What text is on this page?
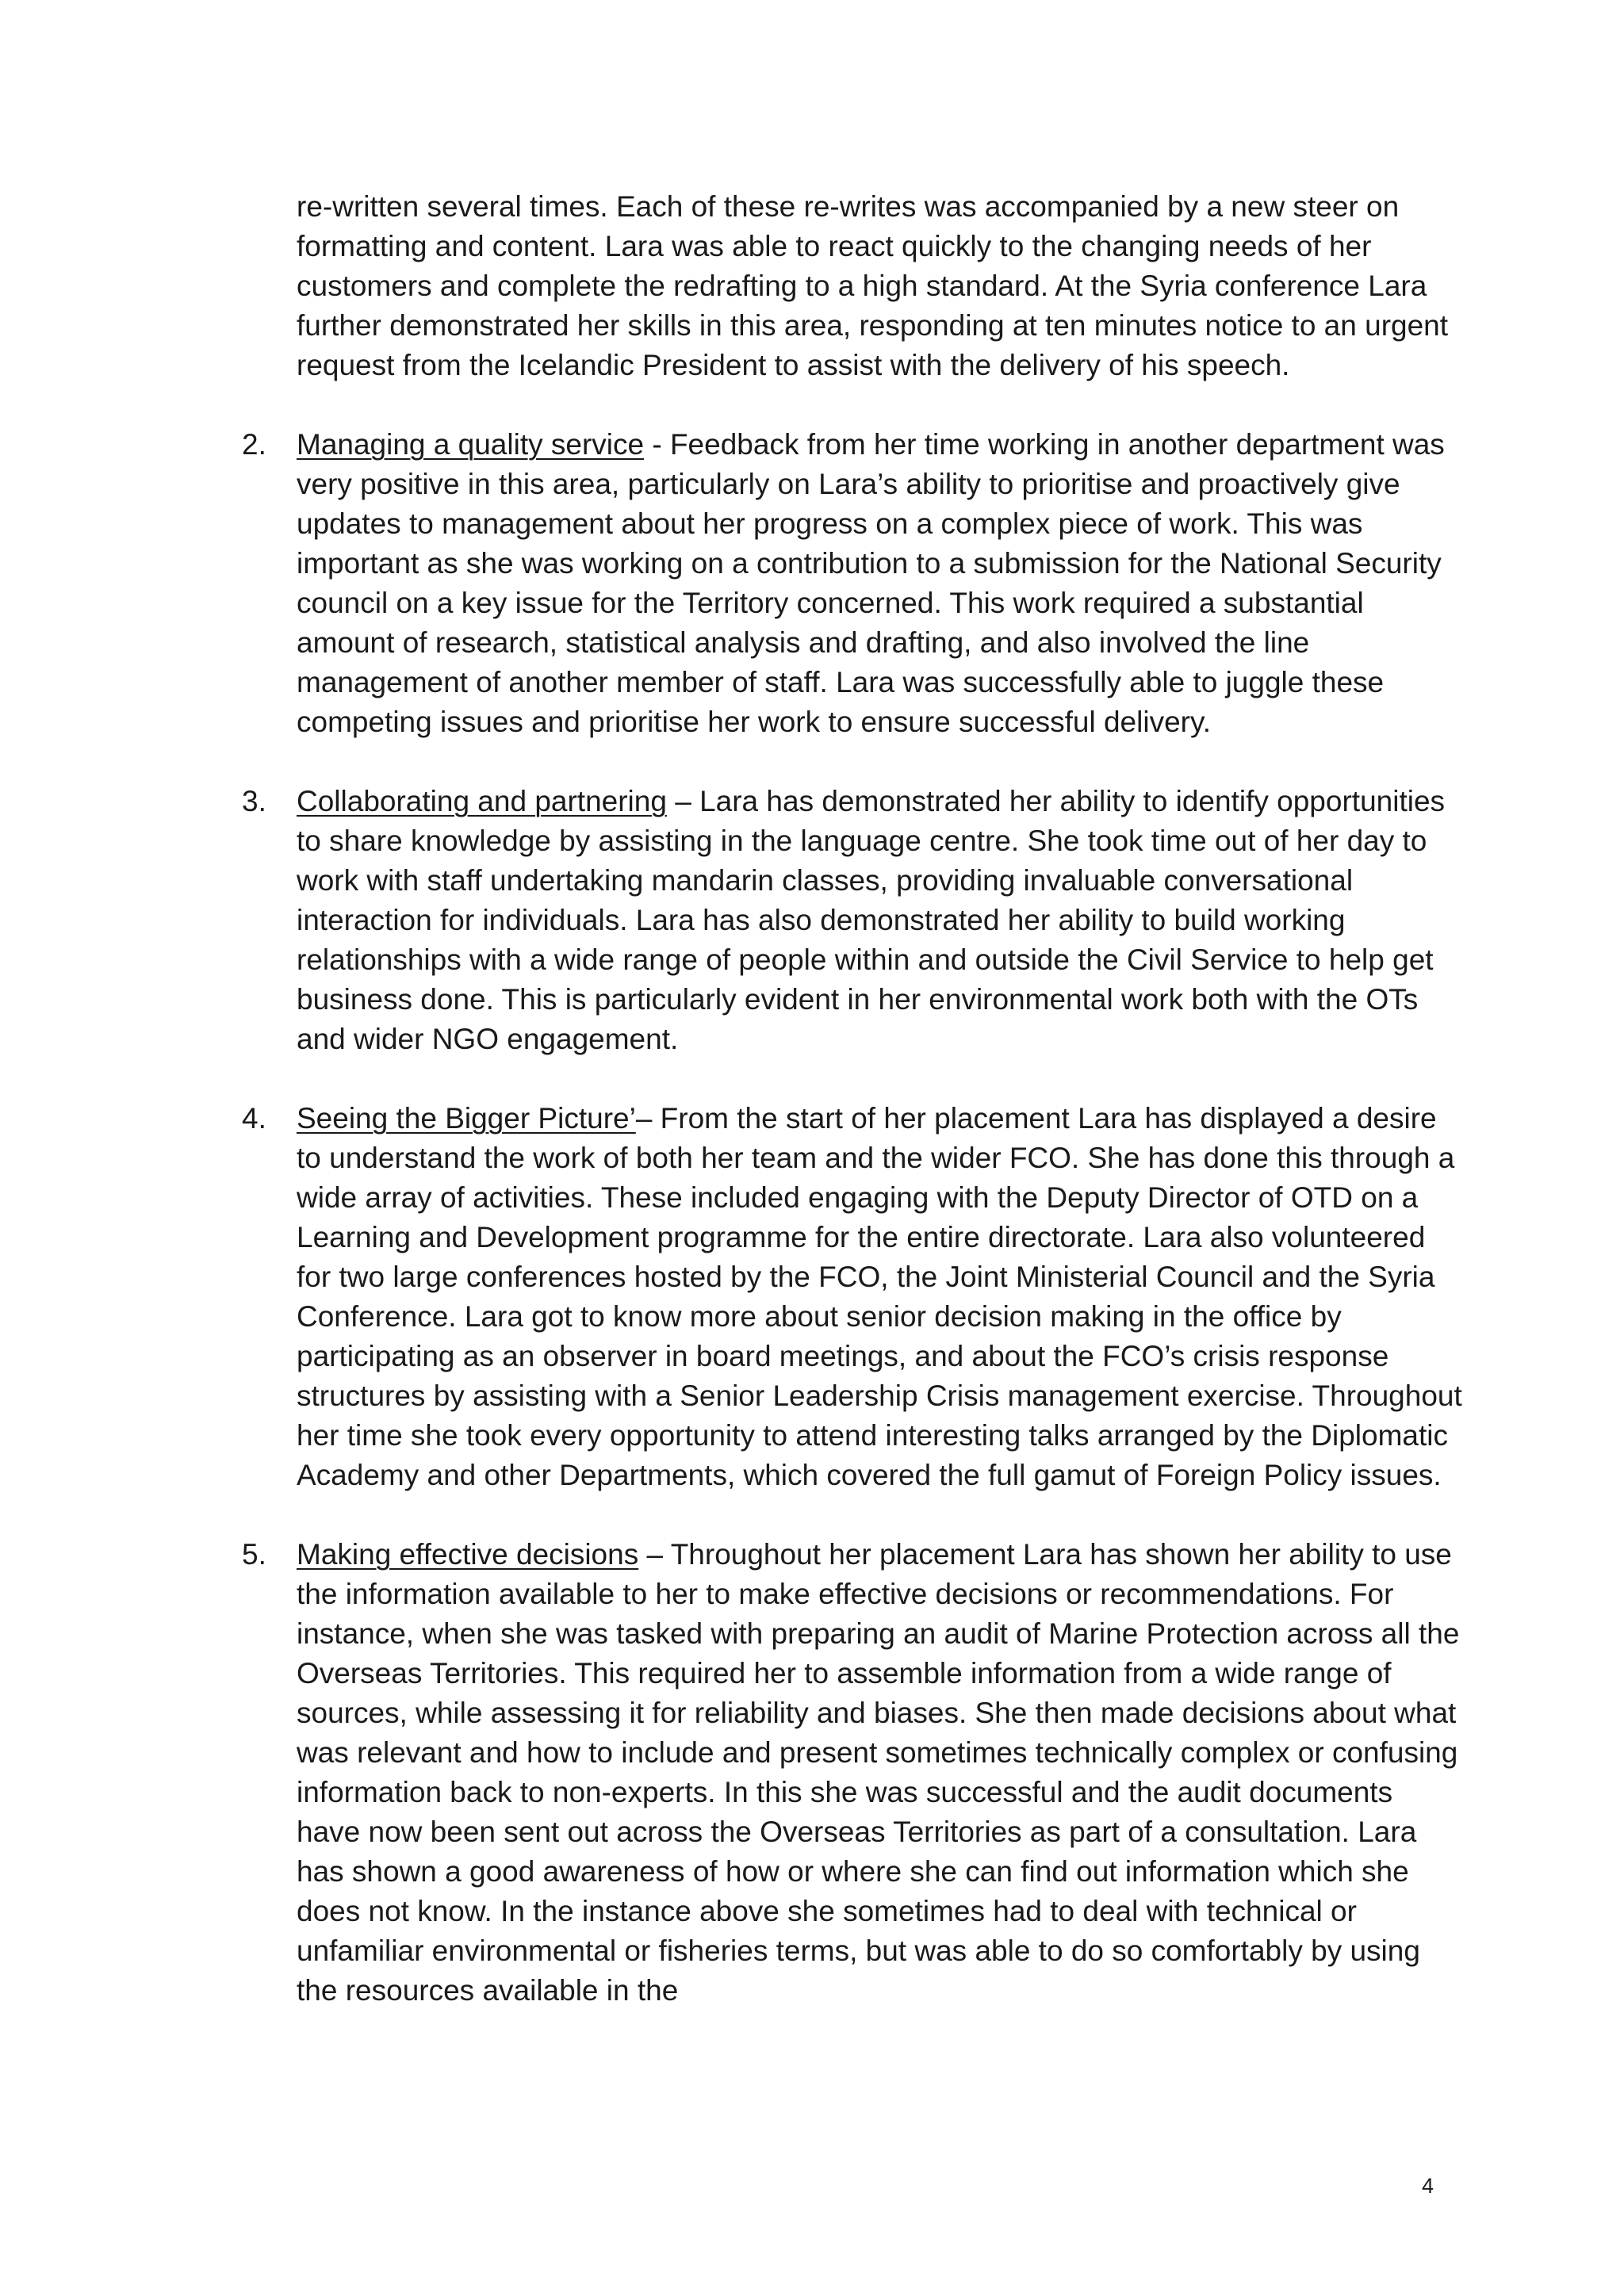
re-written several times. Each of these re-writes was accompanied by a new steer on formatting and content. Lara was able to react quickly to the changing needs of her customers and complete the redrafting to a high standard. At the Syria conference Lara further demonstrated her skills in this area, responding at ten minutes notice to an urgent request from the Icelandic President to assist with the delivery of his speech.

2.	Managing a quality service - Feedback from her time working in another department was very positive in this area, particularly on Lara’s ability to prioritise and proactively give updates to management about her progress on a complex piece of work. This was important as she was working on a contribution to a submission for the National Security council on a key issue for the Territory concerned. This work required a substantial amount of research, statistical analysis and drafting, and also involved the line management of another member of staff. Lara was successfully able to juggle these competing issues and prioritise her work to ensure successful delivery.

3.	Collaborating and partnering – Lara has demonstrated her ability to identify opportunities to share knowledge by assisting in the language centre. She took time out of her day to work with staff undertaking mandarin classes, providing invaluable conversational interaction for individuals. Lara has also demonstrated her ability to build working relationships with a wide range of people within and outside the Civil Service to help get business done. This is particularly evident in her environmental work both with the OTs and wider NGO engagement.

4.	Seeing the Bigger Picture’– From the start of her placement Lara has displayed a desire to understand the work of both her team and the wider FCO. She has done this through a wide array of activities. These included engaging with the Deputy Director of OTD on a Learning and Development programme for the entire directorate. Lara also volunteered for two large conferences hosted by the FCO, the Joint Ministerial Council and the Syria Conference. Lara got to know more about senior decision making in the office by participating as an observer in board meetings, and about the FCO’s crisis response structures by assisting with a Senior Leadership Crisis management exercise. Throughout her time she took every opportunity to attend interesting talks arranged by the Diplomatic Academy and other Departments, which covered the full gamut of Foreign Policy issues.

5.	Making effective decisions – Throughout her placement Lara has shown her ability to use the information available to her to make effective decisions or recommendations. For instance, when she was tasked with preparing an audit of Marine Protection across all the Overseas Territories. This required her to assemble information from a wide range of sources, while assessing it for reliability and biases. She then made decisions about what was relevant and how to include and present sometimes technically complex or confusing information back to non-experts. In this she was successful and the audit documents have now been sent out across the Overseas Territories as part of a consultation. Lara has shown a good awareness of how or where she can find out information which she does not know. In the instance above she sometimes had to deal with technical or unfamiliar environmental or fisheries terms, but was able to do so comfortably by using the resources available in the

4
